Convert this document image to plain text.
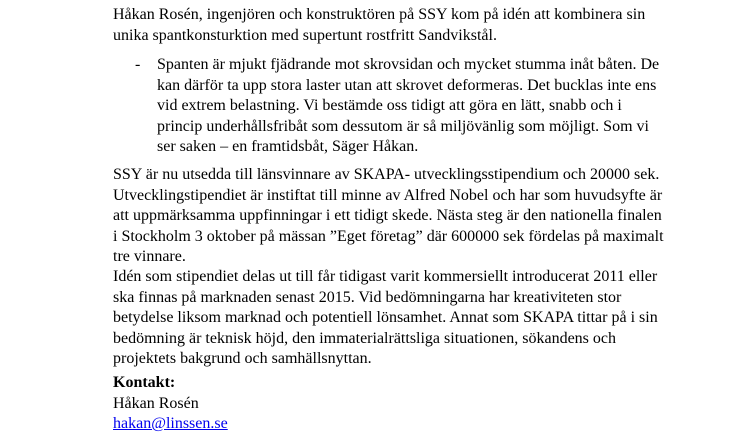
Håkan Rosén, ingenjören och konstruktören på SSY kom på idén att kombinera sin
unika spantkonsturktion med supertunt rostfritt Sandvikstål.
- Spanten är mjukt fjädrande mot skrovsidan och mycket stumma inåt båten. De
kan därför ta upp stora laster utan att skrovet deformeras. Det bucklas inte ens
vid extrem belastning. Vi bestämde oss tidigt att göra en lätt, snabb och i
princip underhållsfribåt som dessutom är så miljövänlig som möjligt. Som vi
ser saken – en framtidsbåt, Säger Håkan.
SSY är nu utsedda till länsvinnare av SKAPA- utvecklingsstipendium och 20000 sek.
Utvecklingstipendiet är instiftat till minne av Alfred Nobel och har som huvudsyfte är
att uppmärksamma uppfinningar i ett tidigt skede. Nästa steg är den nationella finalen
i Stockholm 3 oktober på mässan ”Eget företag” där 600000 sek fördelas på maximalt
tre vinnare.
Idén som stipendiet delas ut till får tidigast varit kommersiellt introducerat 2011 eller
ska finnas på marknaden senast 2015. Vid bedömningarna har kreativiteten stor
betydelse liksom marknad och potentiell lönsamhet. Annat som SKAPA tittar på i sin
bedömning är teknisk höjd, den immaterialrättsliga situationen, sökandens och
projektets bakgrund och samhällsnyttan.
Kontakt:
Håkan Rosén
hakan@linssen.se
